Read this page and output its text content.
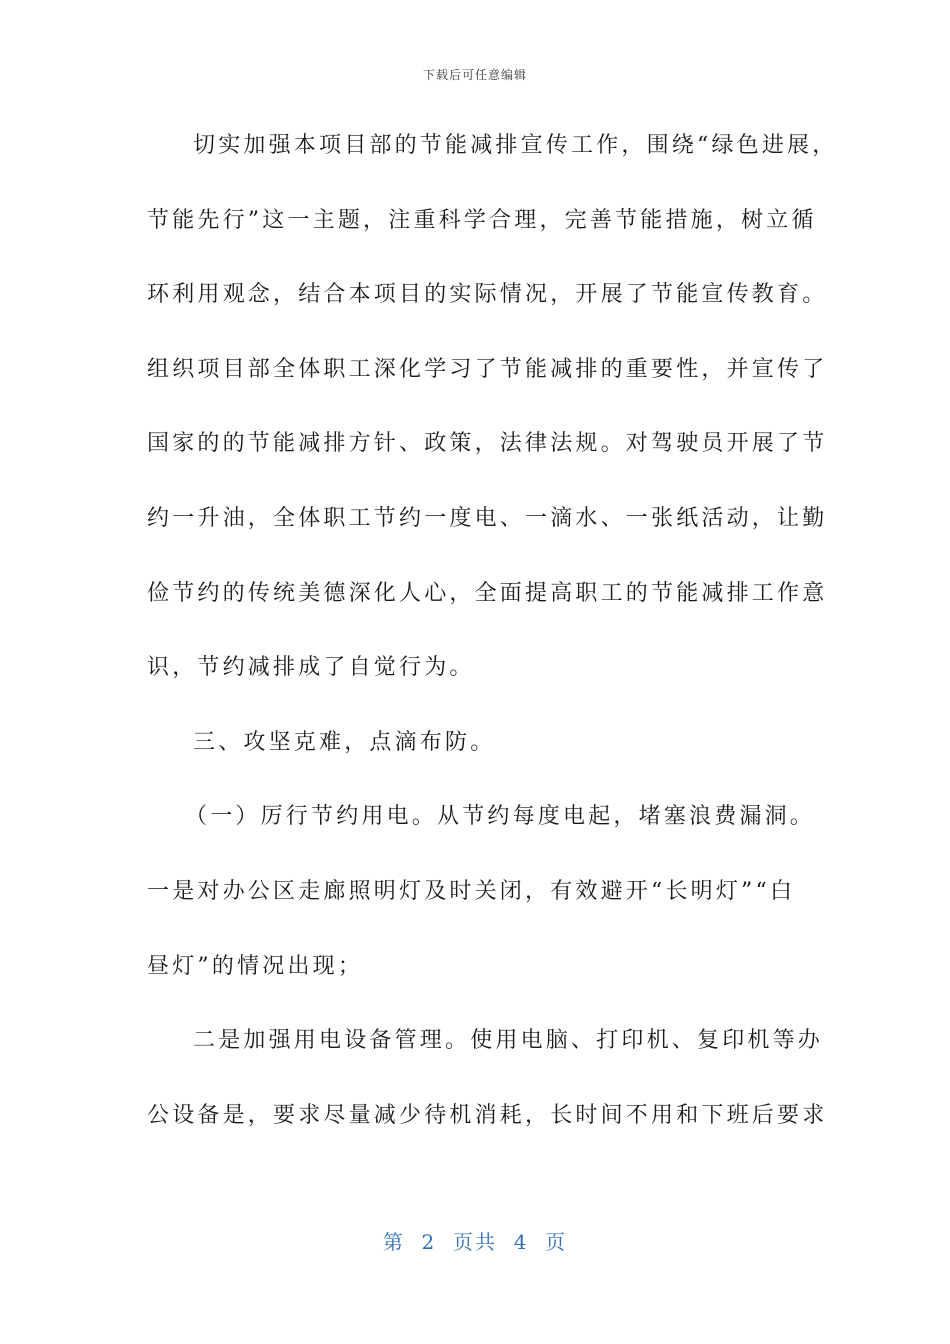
下载后可任意编辑
切实加强本项目部的节能减排宣传工作，围绕“绿色进展，
节能先行”这一主题，注重科学合理，完善节能措施，树立循
环利用观念，结合本项目的实际情况，开展了节能宣传教育。
组织项目部全体职工深化学习了节能减排的重要性，并宣传了
国家的的节能减排方针、政策，法律法规。对驾驶员开展了节
约一升油，全体职工节约一度电、一滴水、一张纸活动，让勤
俭节约的传统美德深化人心，全面提高职工的节能减排工作意
识，节约减排成了自觉行为。
三、攻坚克难，点滴布防。
（一）厉行节约用电。从节约每度电起，堵塞浪费漏洞。
一是对办公区走廊照明灯及时关闭，有效避开“长明灯”“白
昼灯”的情况出现；
二是加强用电设备管理。使用电脑、打印机、复印机等办
公设备是，要求尽量减少待机消耗，长时间不用和下班后要求
第  2  页共  4  页
